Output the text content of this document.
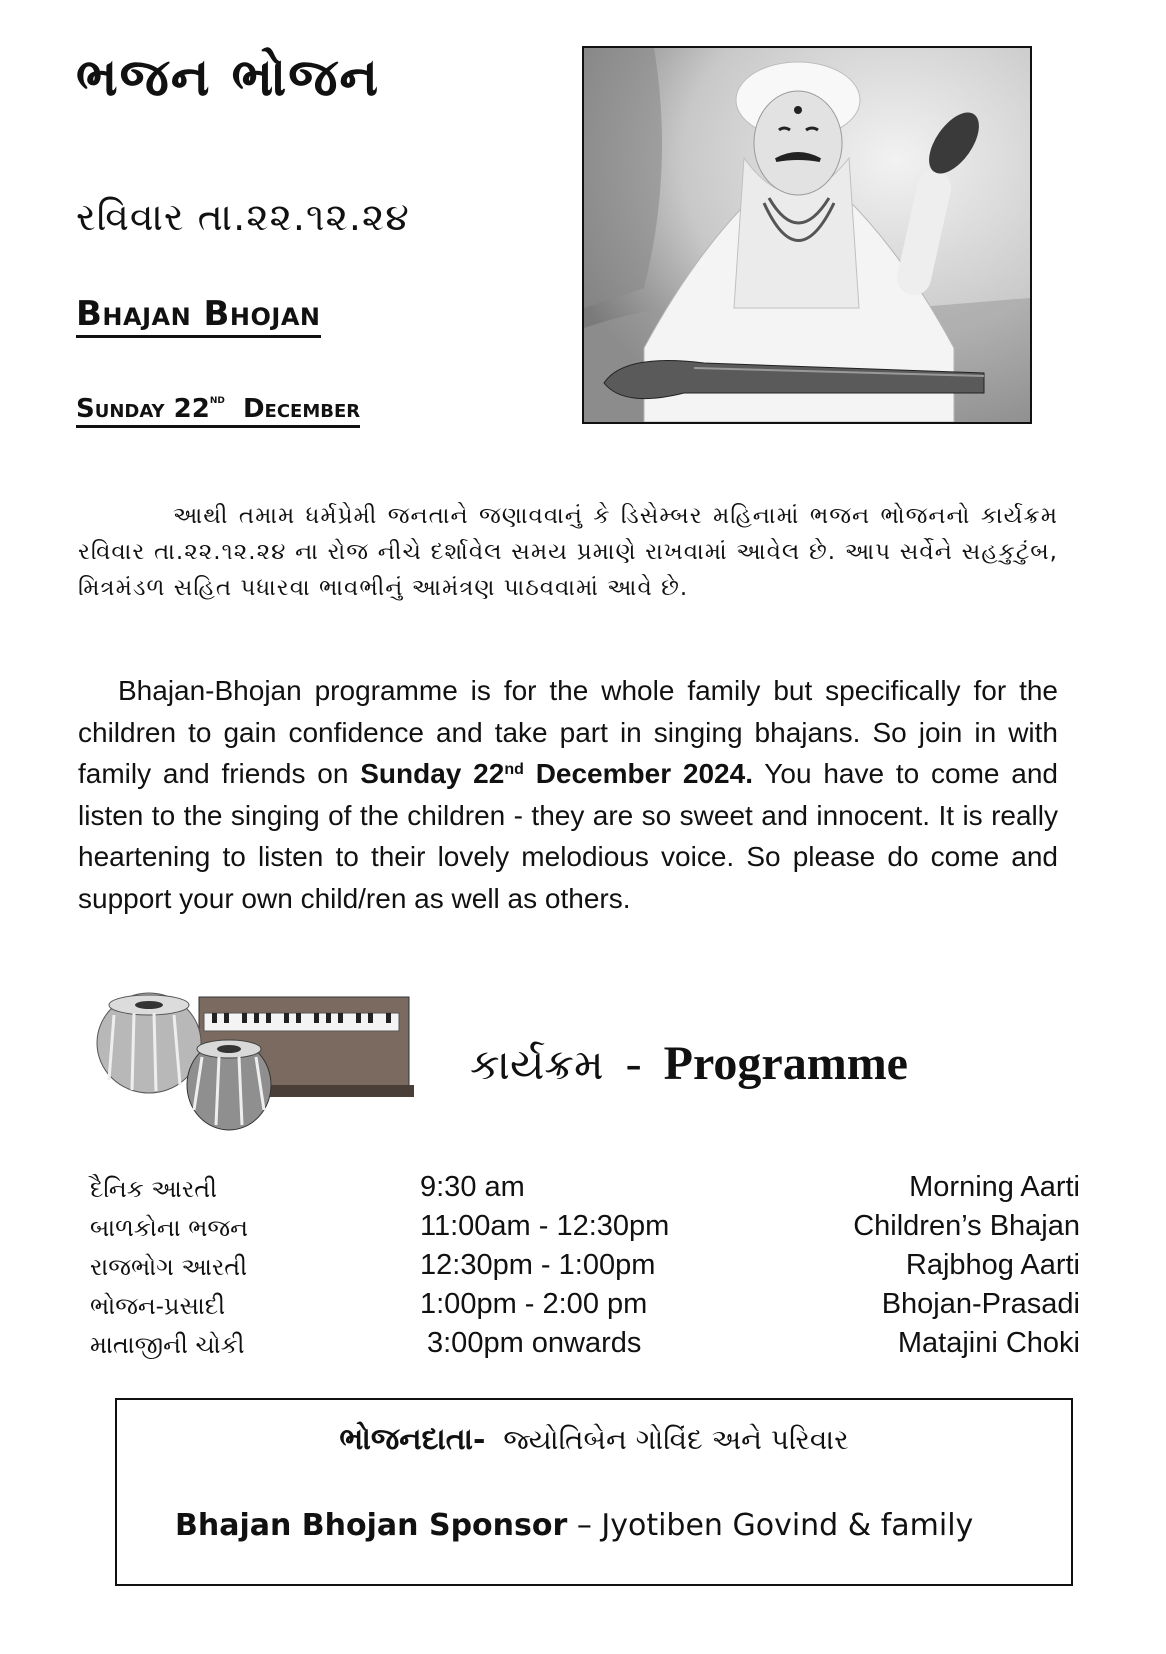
ભજન ભોજન
રવિવાર તા.૨૨.૧૨.૨૪
Bhajan Bhojan
Sunday 22nd December
આથી તમામ ધર્મપ્રેમી જનતાને જણાવવાનું કે ડિસેમ્બર મહિનામાં ભજન ભોજનનો કાર્યક્રમ રવિવાર તા.૨૨.૧૨.૨૪ ના રોજ નીચે દર્શાવેલ સમય પ્રમાણે રાખવામાં આવેલ છે. આપ સર્વેને સહકુટુંબ, મિત્રમંડળ સહિત પધારવા ભાવભીનું આમંત્રણ પાઠવવામાં આવે છે.
Bhajan-Bhojan programme is for the whole family but specifically for the children to gain confidence and take part in singing bhajans. So join in with family and friends on Sunday 22nd December 2024. You have to come and listen to the singing of the children - they are so sweet and innocent. It is really heartening to listen to their lovely melodious voice. So please do come and support your own child/ren as well as others.
કાર્યક્રમ - Programme
દૈનિક આરતી	9:30 am	Morning Aarti
બાળકોના ભજન	11:00am - 12:30pm	Children’s Bhajan
રાજભોગ આરતી	12:30pm - 1:00pm	Rajbhog Aarti
ભોજન-પ્રસાદી	1:00pm - 2:00 pm	Bhojan-Prasadi
માતાજીની ચોકી	3:00pm onwards	Matajini Choki
ભોજનદાતા- જ્યોતિબેન ગોવિંદ અને પરિવાર
Bhajan Bhojan Sponsor – Jyotiben Govind & family
